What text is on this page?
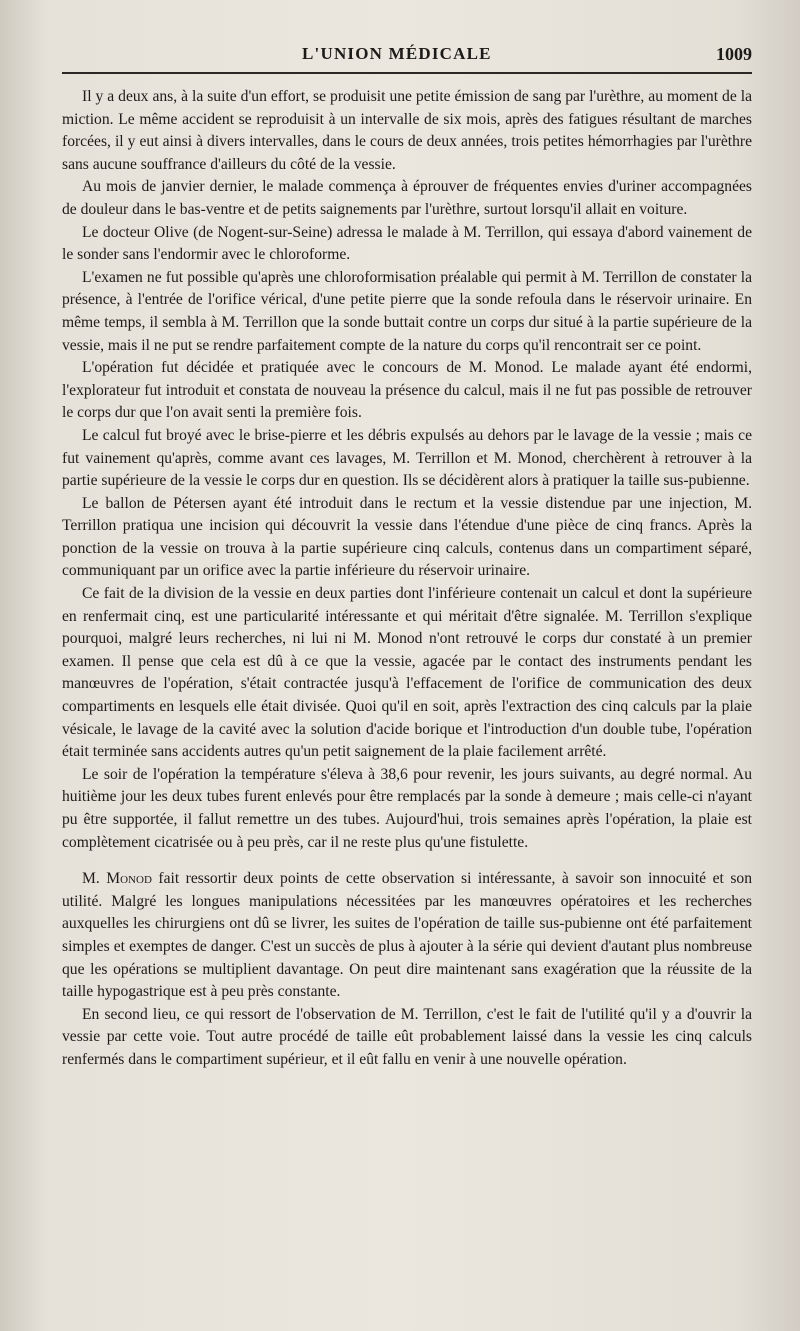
L'UNION MÉDICALE	1009

Il y a deux ans, à la suite d'un effort, se produisit une petite émission de sang par l'urèthre, au moment de la miction. Le même accident se reproduisit à un intervalle de six mois, après des fatigues résultant de marches forcées, il y eut ainsi à divers intervalles, dans le cours de deux années, trois petites hémorrhagies par l'urèthre sans aucune souffrance d'ailleurs du côté de la vessie.

Au mois de janvier dernier, le malade commença à éprouver de fréquentes envies d'uriner accompagnées de douleur dans le bas-ventre et de petits saignements par l'urèthre, surtout lorsqu'il allait en voiture.

Le docteur Olive (de Nogent-sur-Seine) adressa le malade à M. Terrillon, qui essaya d'abord vainement de le sonder sans l'endormir avec le chloroforme.

L'examen ne fut possible qu'après une chloroformisation préalable qui permit à M. Terrillon de constater la présence, à l'entrée de l'orifice vérical, d'une petite pierre que la sonde refoula dans le réservoir urinaire. En même temps, il sembla à M. Terrillon que la sonde buttait contre un corps dur situé à la partie supérieure de la vessie, mais il ne put se rendre parfaitement compte de la nature du corps qu'il rencontrait ser ce point.

L'opération fut décidée et pratiquée avec le concours de M. Monod. Le malade ayant été endormi, l'explorateur fut introduit et constata de nouveau la présence du calcul, mais il ne fut pas possible de retrouver le corps dur que l'on avait senti la première fois.

Le calcul fut broyé avec le brise-pierre et les débris expulsés au dehors par le lavage de la vessie ; mais ce fut vainement qu'après, comme avant ces lavages, M. Terrillon et M. Monod, cherchèrent à retrouver à la partie supérieure de la vessie le corps dur en question. Ils se décidèrent alors à pratiquer la taille sus-pubienne.

Le ballon de Pétersen ayant été introduit dans le rectum et la vessie distendue par une injection, M. Terrillon pratiqua une incision qui découvrit la vessie dans l'étendue d'une pièce de cinq francs. Après la ponction de la vessie on trouva à la partie supérieure cinq calculs, contenus dans un compartiment séparé, communiquant par un orifice avec la partie inférieure du réservoir urinaire.

Ce fait de la division de la vessie en deux parties dont l'inférieure contenait un calcul et dont la supérieure en renfermait cinq, est une particularité intéressante et qui méritait d'être signalée. M. Terrillon s'explique pourquoi, malgré leurs recherches, ni lui ni M. Monod n'ont retrouvé le corps dur constaté à un premier examen. Il pense que cela est dû à ce que la vessie, agacée par le contact des instruments pendant les manœuvres de l'opération, s'était contractée jusqu'à l'effacement de l'orifice de communication des deux compartiments en lesquels elle était divisée. Quoi qu'il en soit, après l'extraction des cinq calculs par la plaie vésicale, le lavage de la cavité avec la solution d'acide borique et l'introduction d'un double tube, l'opération était terminée sans accidents autres qu'un petit saignement de la plaie facilement arrêté.

Le soir de l'opération la température s'éleva à 38,6 pour revenir, les jours suivants, au degré normal. Au huitième jour les deux tubes furent enlevés pour être remplacés par la sonde à demeure ; mais celle-ci n'ayant pu être supportée, il fallut remettre un des tubes. Aujourd'hui, trois semaines après l'opération, la plaie est complètement cicatrisée ou à peu près, car il ne reste plus qu'une fistulette.

M. Monod fait ressortir deux points de cette observation si intéressante, à savoir son innocuité et son utilité. Malgré les longues manipulations nécessitées par les manœuvres opératoires et les recherches auxquelles les chirurgiens ont dû se livrer, les suites de l'opération de taille sus-pubienne ont été parfaitement simples et exemptes de danger. C'est un succès de plus à ajouter à la série qui devient d'autant plus nombreuse que les opérations se multiplient davantage. On peut dire maintenant sans exagération que la réussite de la taille hypogastrique est à peu près constante.

En second lieu, ce qui ressort de l'observation de M. Terrillon, c'est le fait de l'utilité qu'il y a d'ouvrir la vessie par cette voie. Tout autre procédé de taille eût probablement laissé dans la vessie les cinq calculs renfermés dans le compartiment supérieur, et il eût fallu en venir à une nouvelle opération.
